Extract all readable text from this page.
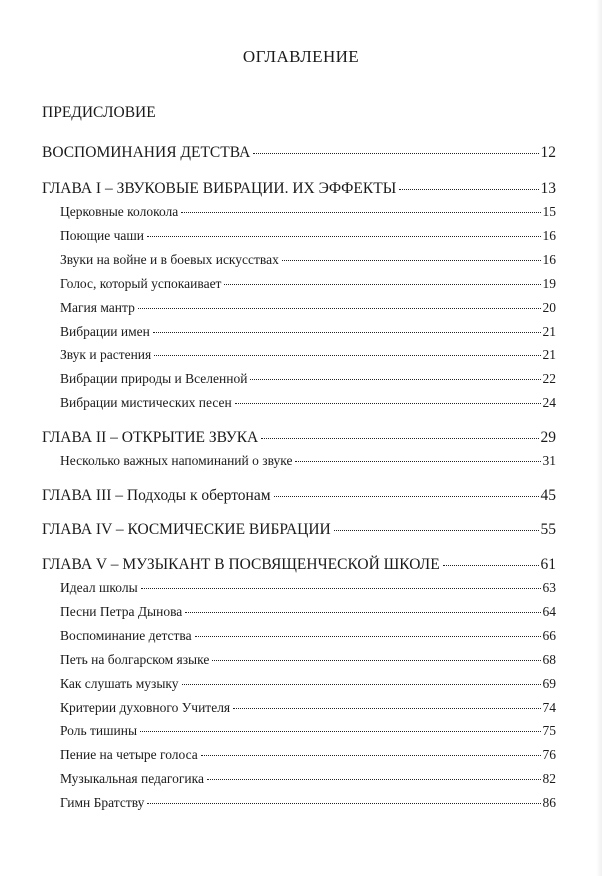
ОГЛАВЛЕНИЕ
ПРЕДИСЛОВИЕ
ВОСПОМИНАНИЯ ДЕТСТВА	12
ГЛАВА I – ЗВУКОВЫЕ ВИБРАЦИИ. ИХ ЭФФЕКТЫ	13
Церковные колокола	15
Поющие чаши	16
Звуки на войне и в боевых искусствах	16
Голос, который успокаивает	19
Магия мантр	20
Вибрации имен	21
Звук и растения	21
Вибрации природы и Вселенной	22
Вибрации мистических песен	24
ГЛАВА II – ОТКРЫТИЕ ЗВУКА	29
Несколько важных напоминаний о звуке	31
ГЛАВА III – Подходы к обертонам	45
ГЛАВА IV – КОСМИЧЕСКИЕ ВИБРАЦИИ	55
ГЛАВА V – МУЗЫКАНТ В ПОСВЯЩЕНЧЕСКОЙ ШКОЛЕ	61
Идеал школы	63
Песни Петра Дынова	64
Воспоминание детства	66
Петь на болгарском языке	68
Как слушать музыку	69
Критерии духовного Учителя	74
Роль тишины	75
Пение на четыре голоса	76
Музыкальная педагогика	82
Гимн Братству	86
